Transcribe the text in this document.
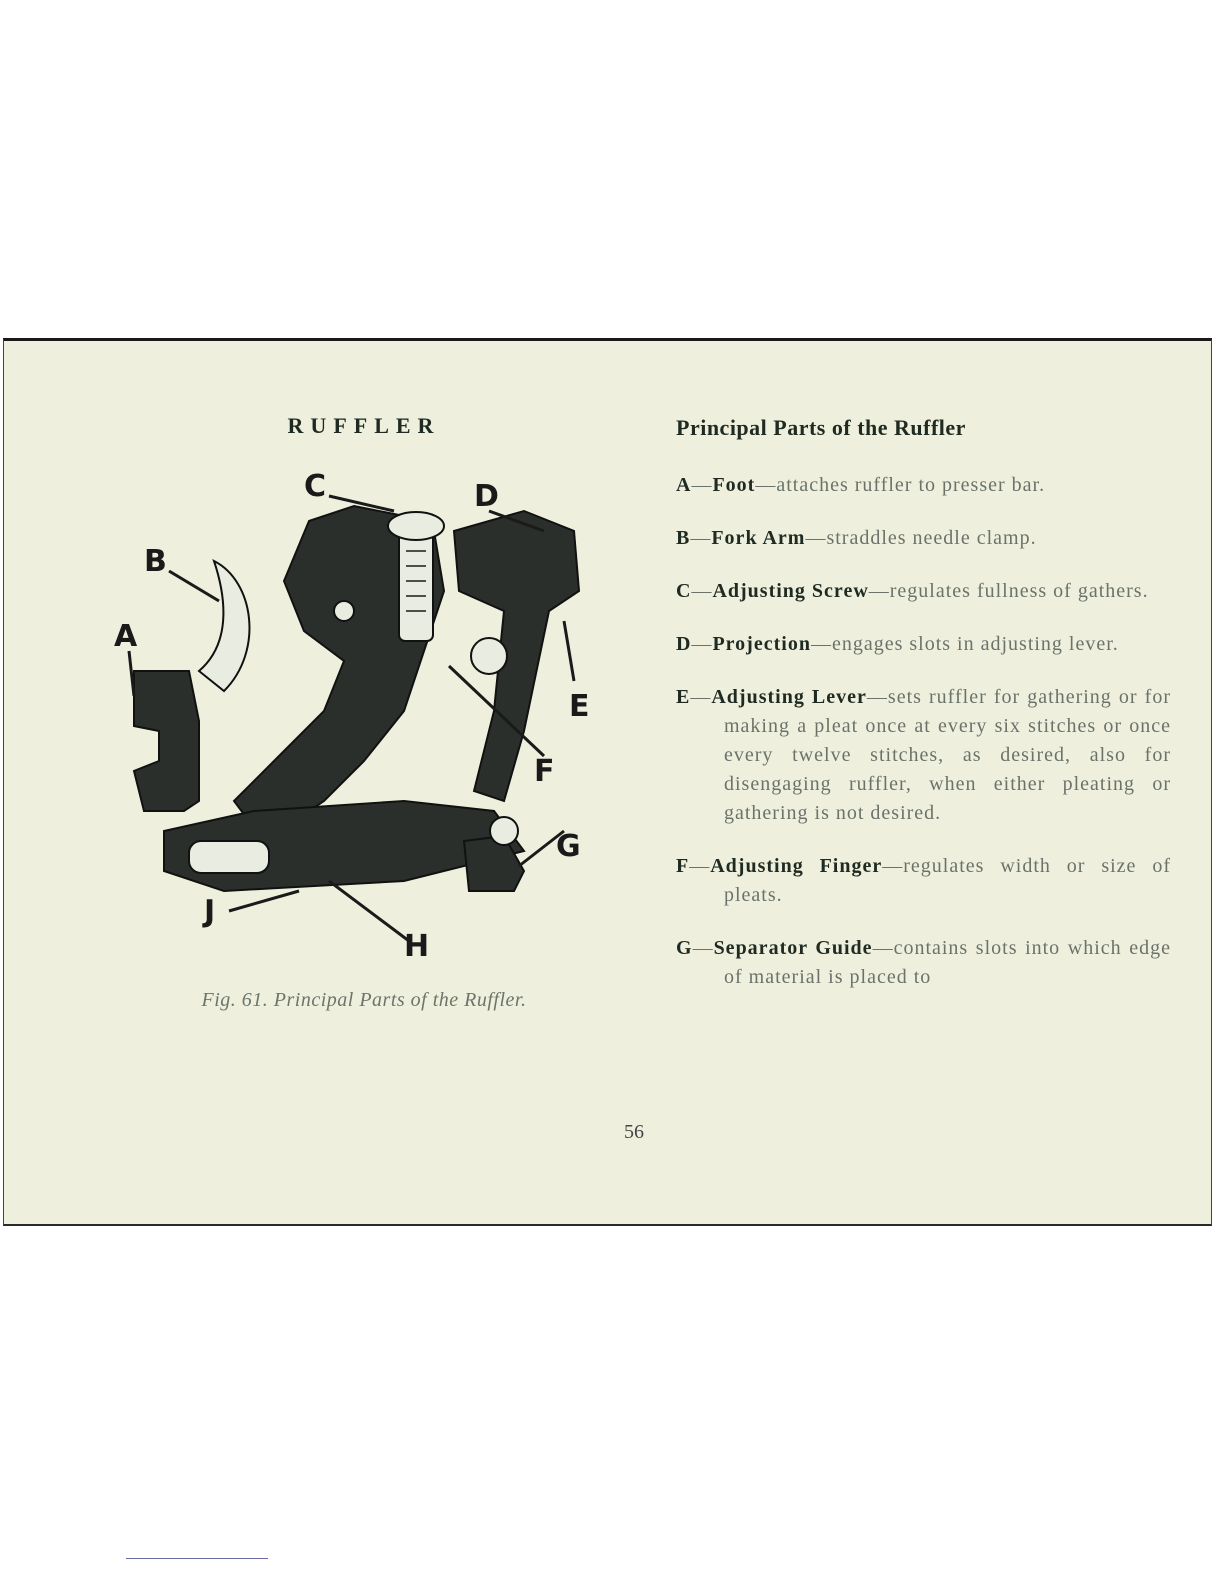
RUFFLER
C	D
B
A
E
F
G
H
J
Fig. 61. Principal Parts of the Ruffler.
Principal Parts of the Ruffler
A—Foot—attaches ruffler to presser bar.
B—Fork Arm—straddles needle clamp.
C—Adjusting Screw—regulates fullness of gathers.
D—Projection—engages slots in adjusting lever.
E—Adjusting Lever—sets ruffler for gathering or for making a pleat once at every six stitches or once every twelve stitches, as desired, also for disengaging ruffler, when either pleating or gathering is not desired.
F—Adjusting Finger—regulates width or size of pleats.
G—Separator Guide—contains slots into which edge of material is placed to
56
